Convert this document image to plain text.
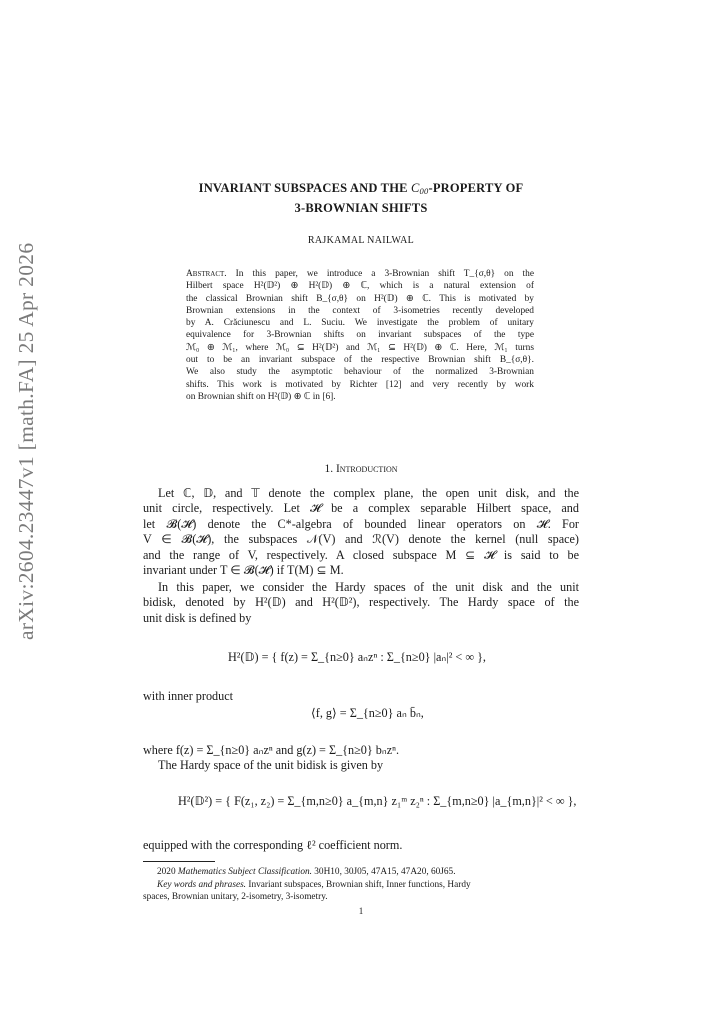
arXiv:2604.23447v1 [math.FA] 25 Apr 2026
INVARIANT SUBSPACES AND THE $C_{00}$-PROPERTY OF
3-BROWNIAN SHIFTS
RAJKAMAL NAILWAL
Abstract. In this paper, we introduce a 3-Brownian shift T_{σ,θ} on the
Hilbert space H²(𝔻²) ⊕ H²(𝔻) ⊕ ℂ, which is a natural extension of
the classical Brownian shift B_{σ,θ} on H²(𝔻) ⊕ ℂ. This is motivated by
Brownian extensions in the context of 3-isometries recently developed
by A. Crăciunescu and L. Suciu. We investigate the problem of unitary
equivalence for 3-Brownian shifts on invariant subspaces of the type
ℳ₀ ⊕ ℳ₁, where ℳ₀ ⊆ H²(𝔻²) and ℳ₁ ⊆ H²(𝔻) ⊕ ℂ. Here, ℳ₁ turns
out to be an invariant subspace of the respective Brownian shift B_{σ,θ}.
We also study the asymptotic behaviour of the normalized 3-Brownian
shifts. This work is motivated by Richter [12] and very recently by work
on Brownian shift on H²(𝔻) ⊕ ℂ in [6].
1. Introduction
Let ℂ, 𝔻, and 𝕋 denote the complex plane, the open unit disk, and the
unit circle, respectively. Let 𝓗 be a complex separable Hilbert space, and
let 𝓑(𝓗) denote the C*-algebra of bounded linear operators on 𝓗. For
V ∈ 𝓑(𝓗), the subspaces 𝒩(V) and ℛ(V) denote the kernel (null space)
and the range of V, respectively. A closed subspace M ⊆ 𝓗 is said to be
invariant under T ∈ 𝓑(𝓗) if T(M) ⊆ M.
In this paper, we consider the Hardy spaces of the unit disk and the unit
bidisk, denoted by H²(𝔻) and H²(𝔻²), respectively. The Hardy space of the
unit disk is defined by
H²(𝔻) = { f(z) = Σ_{n≥0} aₙzⁿ : Σ_{n≥0} |aₙ|² < ∞ },
with inner product
⟨f, g⟩ = Σ_{n≥0} aₙ b̄ₙ,
where f(z) = Σ_{n≥0} aₙzⁿ and g(z) = Σ_{n≥0} bₙzⁿ.
The Hardy space of the unit bidisk is given by
H²(𝔻²) = { F(z₁, z₂) = Σ_{m,n≥0} a_{m,n} z₁ᵐ z₂ⁿ : Σ_{m,n≥0} |a_{m,n}|² < ∞ },
equipped with the corresponding ℓ² coefficient norm.
2020 Mathematics Subject Classification. 30H10, 30J05, 47A15, 47A20, 60J65.
Key words and phrases. Invariant subspaces, Brownian shift, Inner functions, Hardy
spaces, Brownian unitary, 2-isometry, 3-isometry.
1
